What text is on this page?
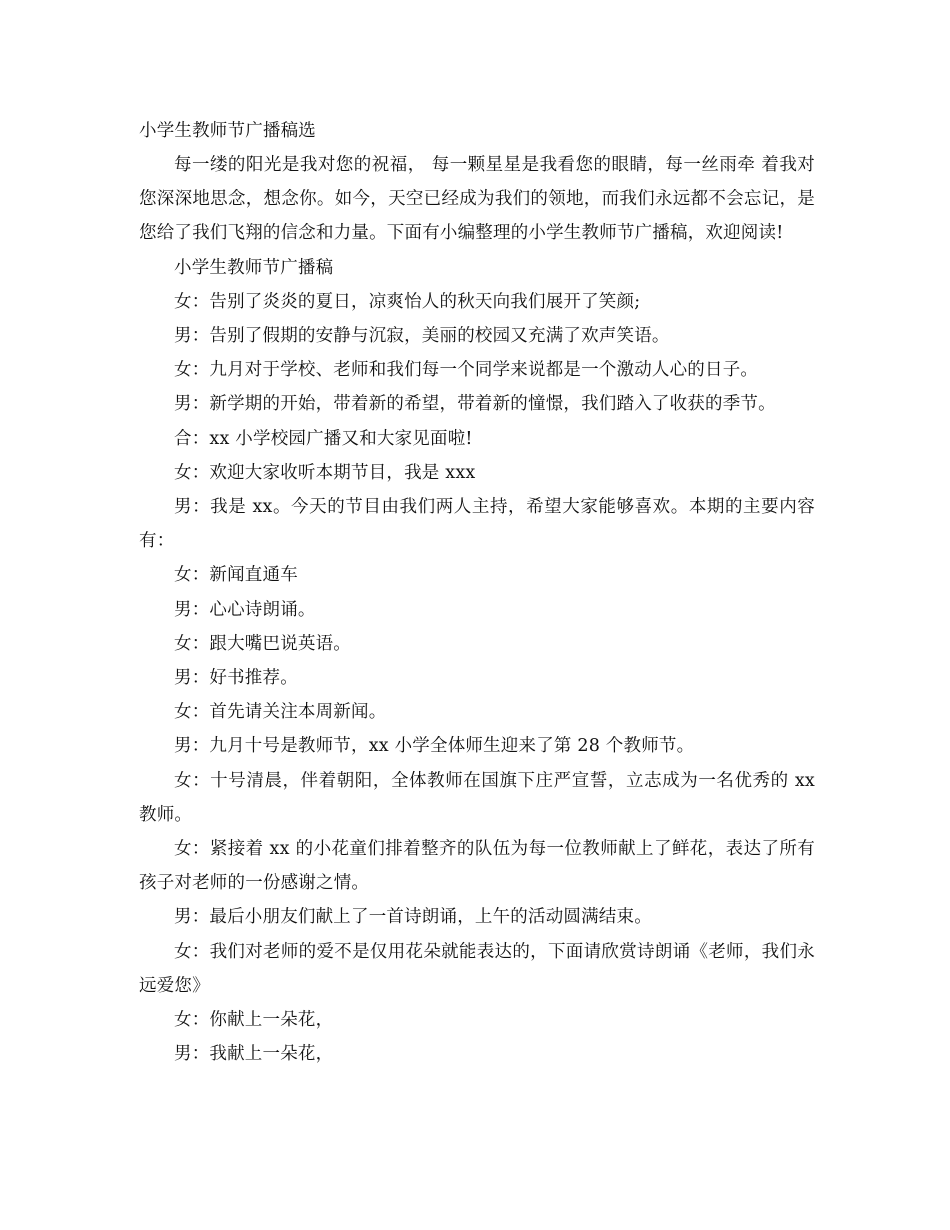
小学生教师节广播稿选

每一缕的阳光是我对您的祝福， 每一颗星星是我看您的眼睛，每一丝雨牵 着我对您深深地思念，想念你。如今，天空已经成为我们的领地，而我们永远都不会忘记，是您给了我们飞翔的信念和力量。下面有小编整理的小学生教师节广播稿，欢迎阅读!

小学生教师节广播稿

女：告别了炎炎的夏日，凉爽怡人的秋天向我们展开了笑颜;

男：告别了假期的安静与沉寂，美丽的校园又充满了欢声笑语。

女：九月对于学校、老师和我们每一个同学来说都是一个激动人心的日子。

男：新学期的开始，带着新的希望，带着新的憧憬，我们踏入了收获的季节。

合：xx 小学校园广播又和大家见面啦!

女：欢迎大家收听本期节目，我是 xxx

男：我是 xx。今天的节目由我们两人主持，希望大家能够喜欢。本期的主要内容有：

女：新闻直通车

男：心心诗朗诵。

女：跟大嘴巴说英语。

男：好书推荐。

女：首先请关注本周新闻。

男：九月十号是教师节，xx 小学全体师生迎来了第 28 个教师节。

女：十号清晨，伴着朝阳，全体教师在国旗下庄严宣誓，立志成为一名优秀的 xx 教师。

女：紧接着 xx 的小花童们排着整齐的队伍为每一位教师献上了鲜花，表达了所有孩子对老师的一份感谢之情。

男：最后小朋友们献上了一首诗朗诵，上午的活动圆满结束。

女：我们对老师的爱不是仅用花朵就能表达的，下面请欣赏诗朗诵《老师，我们永远爱您》

女：你献上一朵花，

男：我献上一朵花，
